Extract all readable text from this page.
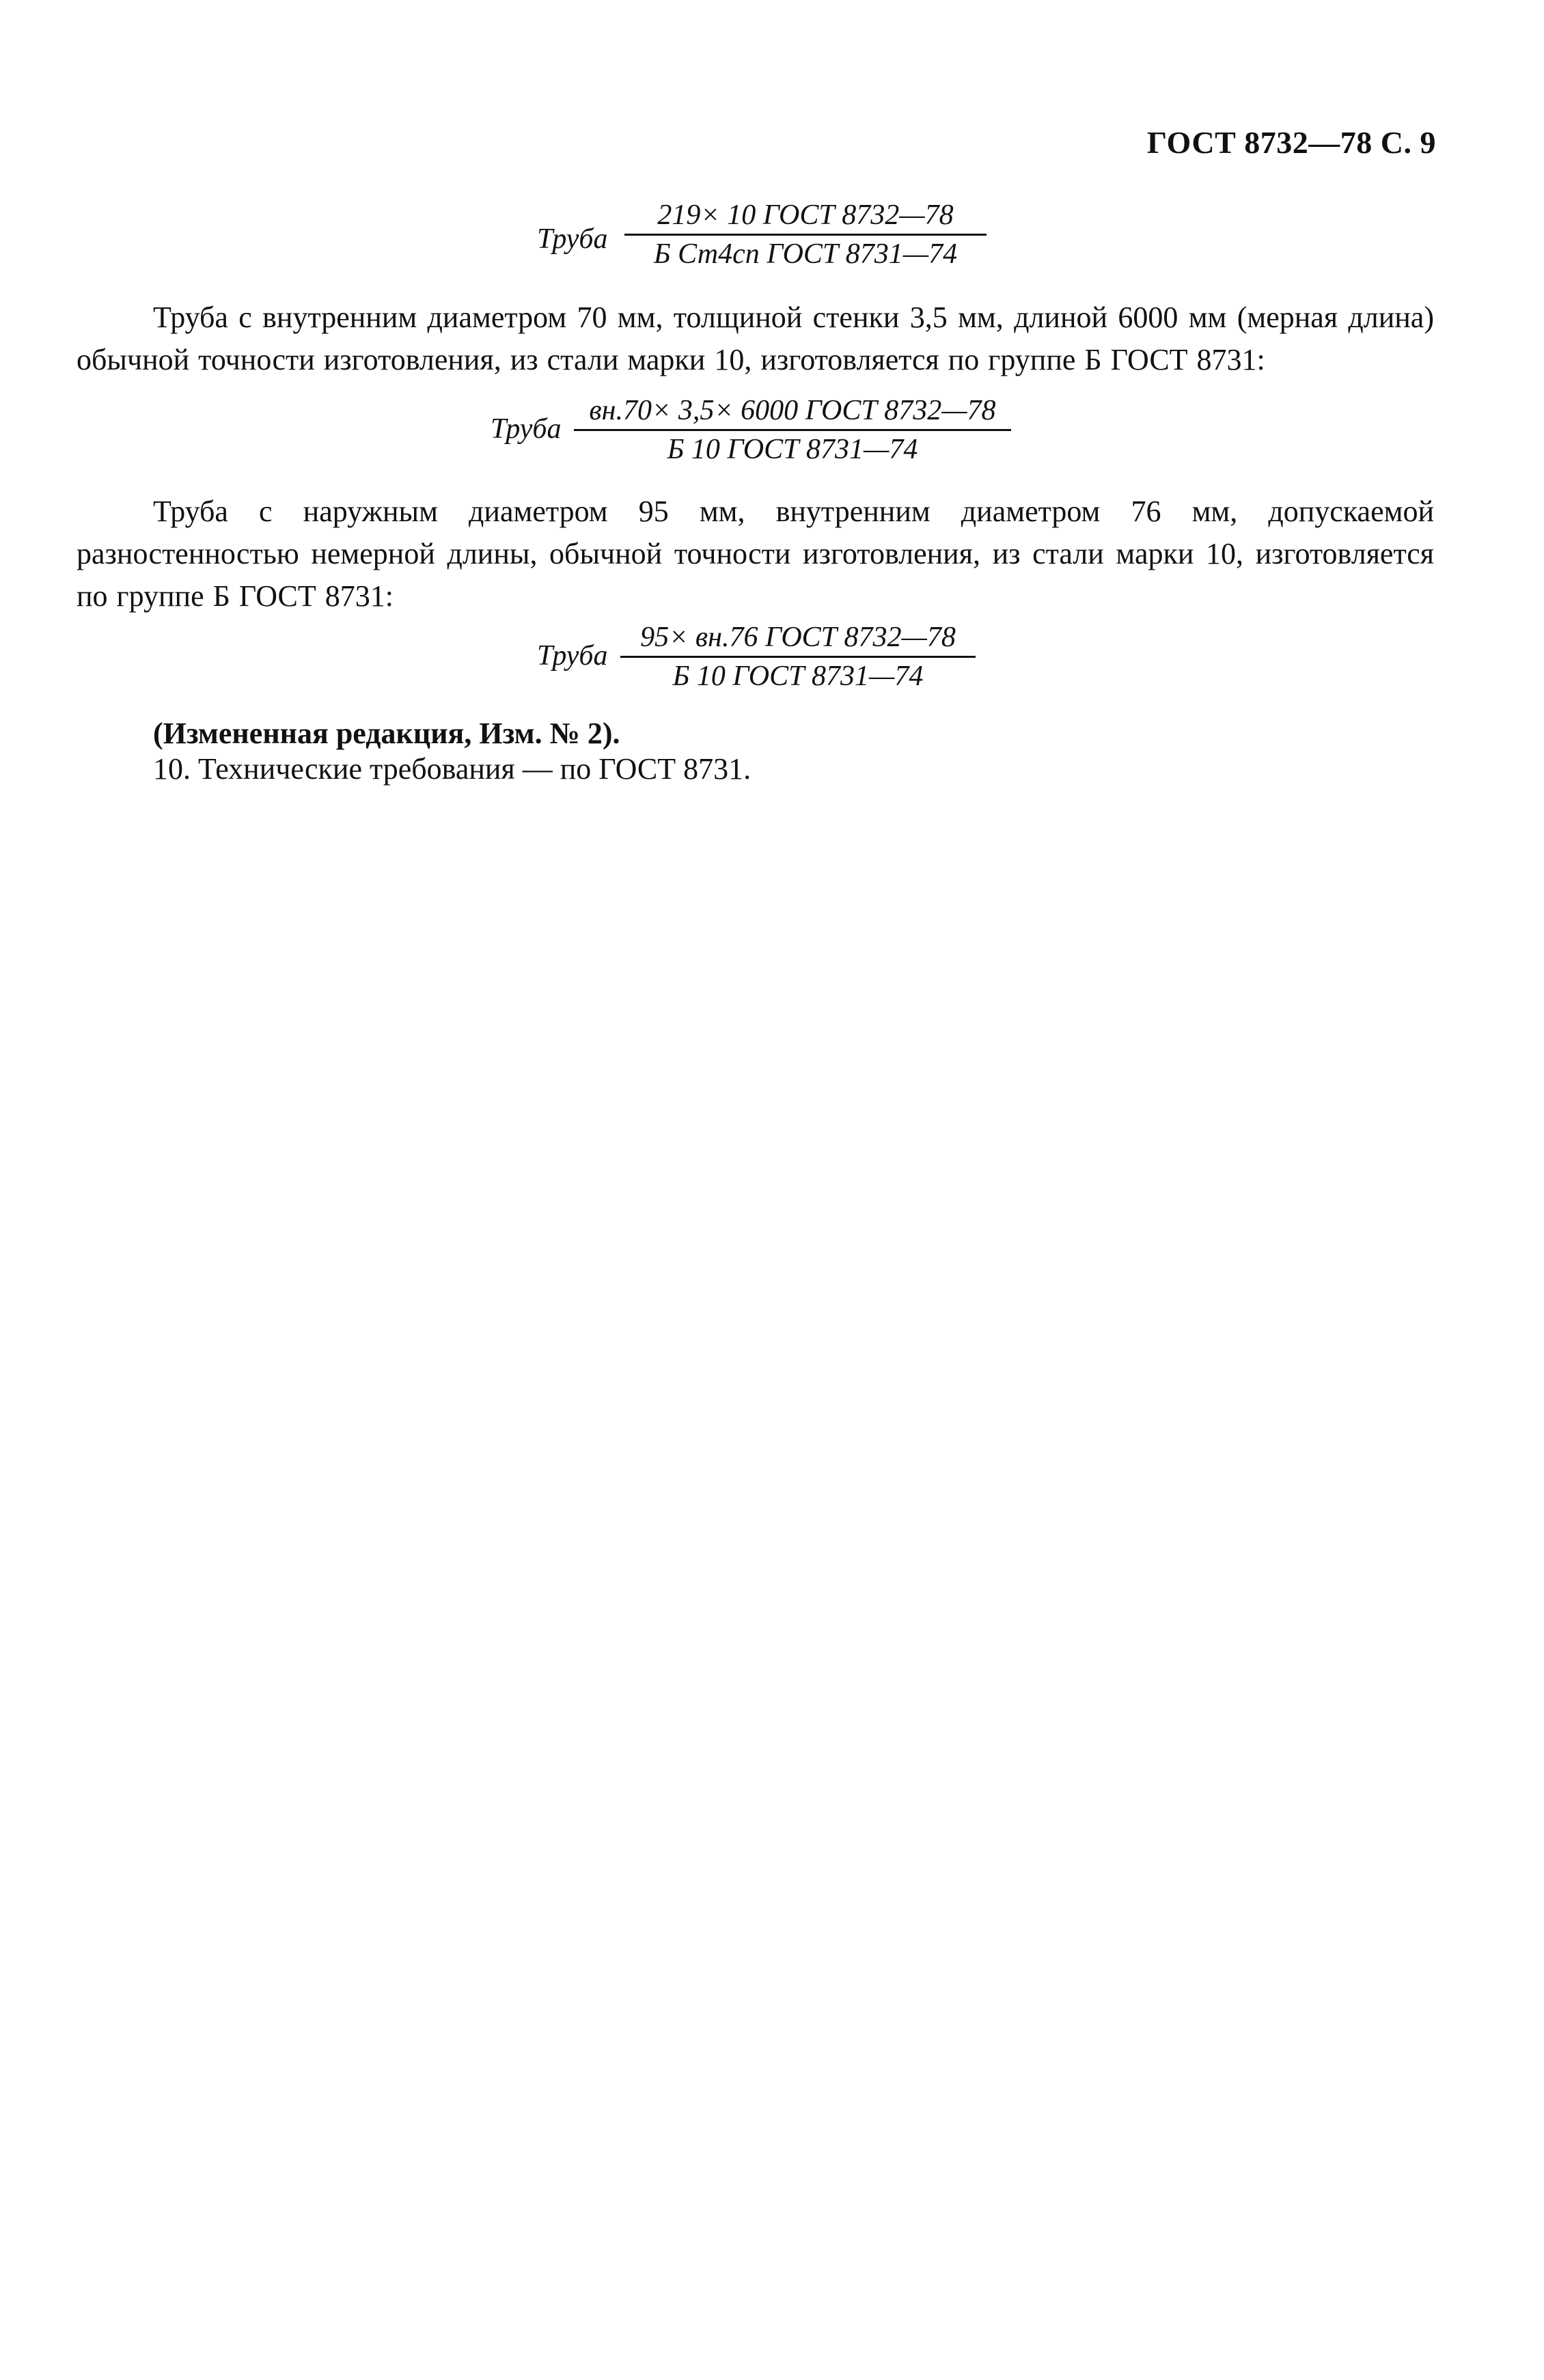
ГОСТ 8732—78 С. 9
Труба
219× 10 ГОСТ 8732—78
Б Ст4сп ГОСТ 8731—74
Труба с внутренним диаметром 70 мм, толщиной стенки 3,5 мм, длиной 6000 мм (мерная длина) обычной точности изготовления, из стали марки 10, изготовляется по группе Б ГОСТ 8731:
Труба
вн.70× 3,5× 6000 ГОСТ 8732—78
Б 10 ГОСТ 8731—74
Труба с наружным диаметром 95 мм, внутренним диаметром 76 мм, допускаемой разностенностью немерной длины, обычной точности изготовления, из стали марки 10, изготовляется по группе Б ГОСТ 8731:
Труба
95× вн.76 ГОСТ 8732—78
Б 10 ГОСТ 8731—74
(Измененная редакция, Изм. № 2).
10. Технические требования — по ГОСТ 8731.
